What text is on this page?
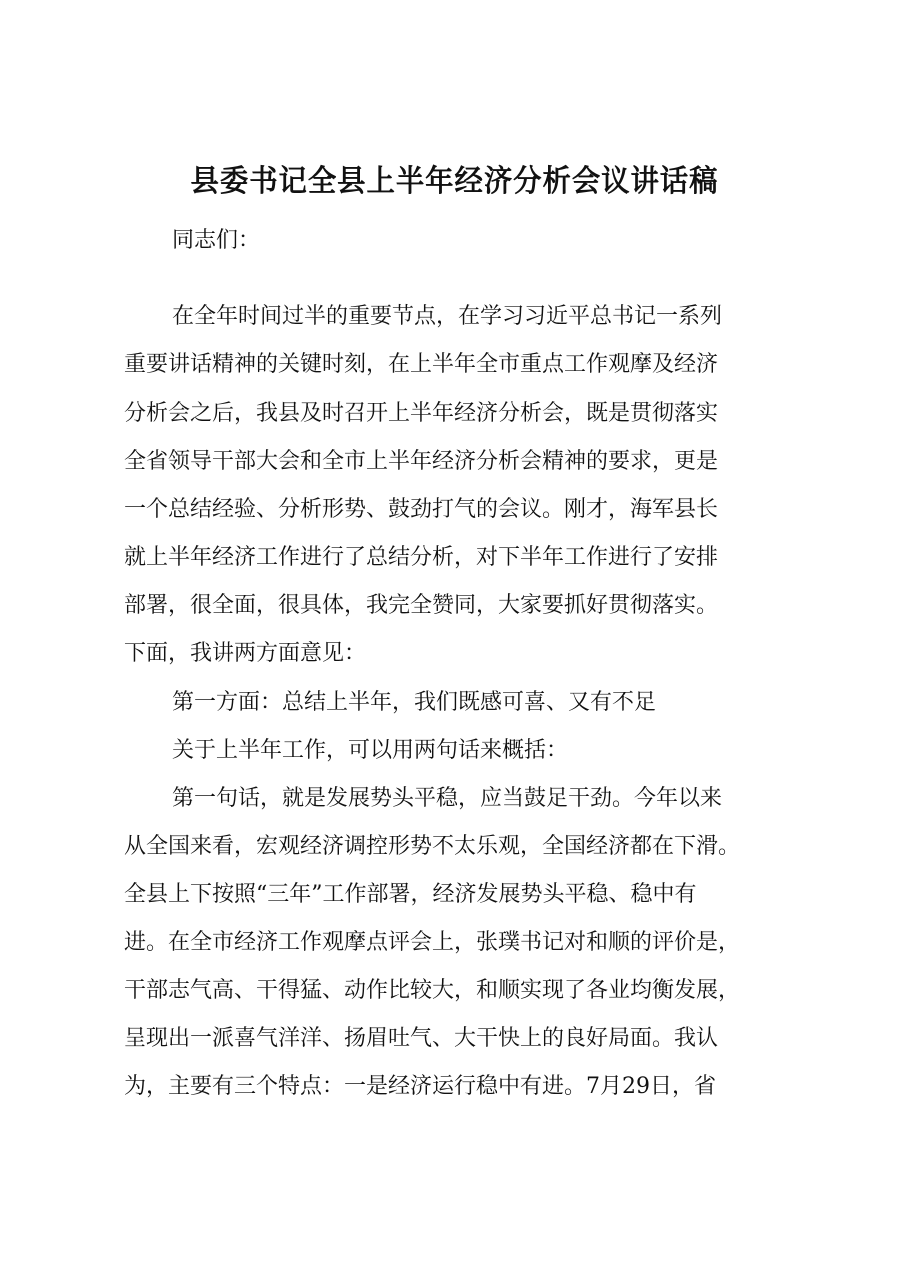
县委书记全县上半年经济分析会议讲话稿
同志们：
在全年时间过半的重要节点，在学习习近平总书记一系列
重要讲话精神的关键时刻，在上半年全市重点工作观摩及经济
分析会之后，我县及时召开上半年经济分析会，既是贯彻落实
全省领导干部大会和全市上半年经济分析会精神的要求，更是
一个总结经验、分析形势、鼓劲打气的会议。刚才，海军县长
就上半年经济工作进行了总结分析，对下半年工作进行了安排
部署，很全面，很具体，我完全赞同，大家要抓好贯彻落实。
下面，我讲两方面意见：
第一方面：总结上半年，我们既感可喜、又有不足
关于上半年工作，可以用两句话来概括：
第一句话，就是发展势头平稳，应当鼓足干劲。今年以来
从全国来看，宏观经济调控形势不太乐观，全国经济都在下滑。
全县上下按照“三年”工作部署，经济发展势头平稳、稳中有
进。在全市经济工作观摩点评会上，张璞书记对和顺的评价是，
干部志气高、干得猛、动作比较大，和顺实现了各业均衡发展，
呈现出一派喜气洋洋、扬眉吐气、大干快上的良好局面。我认
为，主要有三个特点：一是经济运行稳中有进。7月29日，省
